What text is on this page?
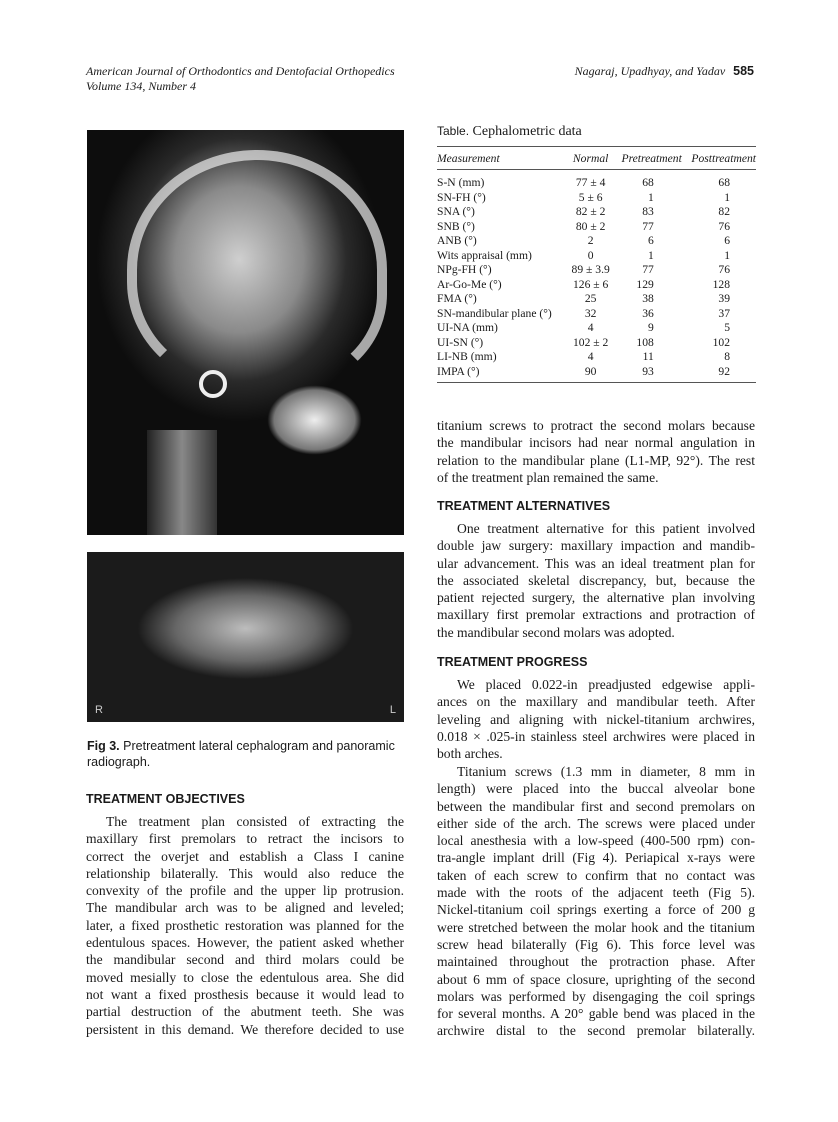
American Journal of Orthodontics and Dentofacial Orthopedics
Volume 134, Number 4
Nagaraj, Upadhyay, and Yadav 585
R	L
Fig 3. Pretreatment lateral cephalogram and panoramic radiograph.
TREATMENT OBJECTIVES
The treatment plan consisted of extracting the
maxillary first premolars to retract the incisors to
correct the overjet and establish a Class I canine
relationship bilaterally. This would also reduce the
convexity of the profile and the upper lip protrusion.
The mandibular arch was to be aligned and leveled;
later, a fixed prosthetic restoration was planned for the
edentulous spaces. However, the patient asked whether
the mandibular second and third molars could be
moved mesially to close the edentulous area. She did
not want a fixed prosthesis because it would lead to
partial destruction of the abutment teeth. She was
persistent in this demand. We therefore decided to use
Table. Cephalometric data
Measurement	Normal	Pretreatment	Posttreatment
S-N (mm)	77 ± 4	68	68
SN-FH (°)	5 ± 6	1	1
SNA (°)	82 ± 2	83	82
SNB (°)	80 ± 2	77	76
ANB (°)	2	6	6
Wits appraisal (mm)	0	1	1
NPg-FH (°)	89 ± 3.9	77	76
Ar-Go-Me (°)	126 ± 6	129	128
FMA (°)	25	38	39
SN-mandibular plane (°)	32	36	37
UI-NA (mm)	4	9	5
UI-SN (°)	102 ± 2	108	102
LI-NB (mm)	4	11	8
IMPA (°)	90	93	92
titanium screws to protract the second molars because
the mandibular incisors had near normal angulation in
relation to the mandibular plane (L1-MP, 92°). The rest
of the treatment plan remained the same.
TREATMENT ALTERNATIVES
One treatment alternative for this patient involved
double jaw surgery: maxillary impaction and mandib-
ular advancement. This was an ideal treatment plan for
the associated skeletal discrepancy, but, because the
patient rejected surgery, the alternative plan involving
maxillary first premolar extractions and protraction of
the mandibular second molars was adopted.
TREATMENT PROGRESS
We placed 0.022-in preadjusted edgewise appli-
ances on the maxillary and mandibular teeth. After
leveling and aligning with nickel-titanium archwires,
0.018 × .025-in stainless steel archwires were placed in
both arches.
Titanium screws (1.3 mm in diameter, 8 mm in
length) were placed into the buccal alveolar bone
between the mandibular first and second premolars on
either side of the arch. The screws were placed under
local anesthesia with a low-speed (400-500 rpm) con-
tra-angle implant drill (Fig 4). Periapical x-rays were
taken of each screw to confirm that no contact was
made with the roots of the adjacent teeth (Fig 5).
Nickel-titanium coil springs exerting a force of 200 g
were stretched between the molar hook and the titanium
screw head bilaterally (Fig 6). This force level was
maintained throughout the protraction phase. After
about 6 mm of space closure, uprighting of the second
molars was performed by disengaging the coil springs
for several months. A 20° gable bend was placed in the
archwire distal to the second premolar bilaterally.
